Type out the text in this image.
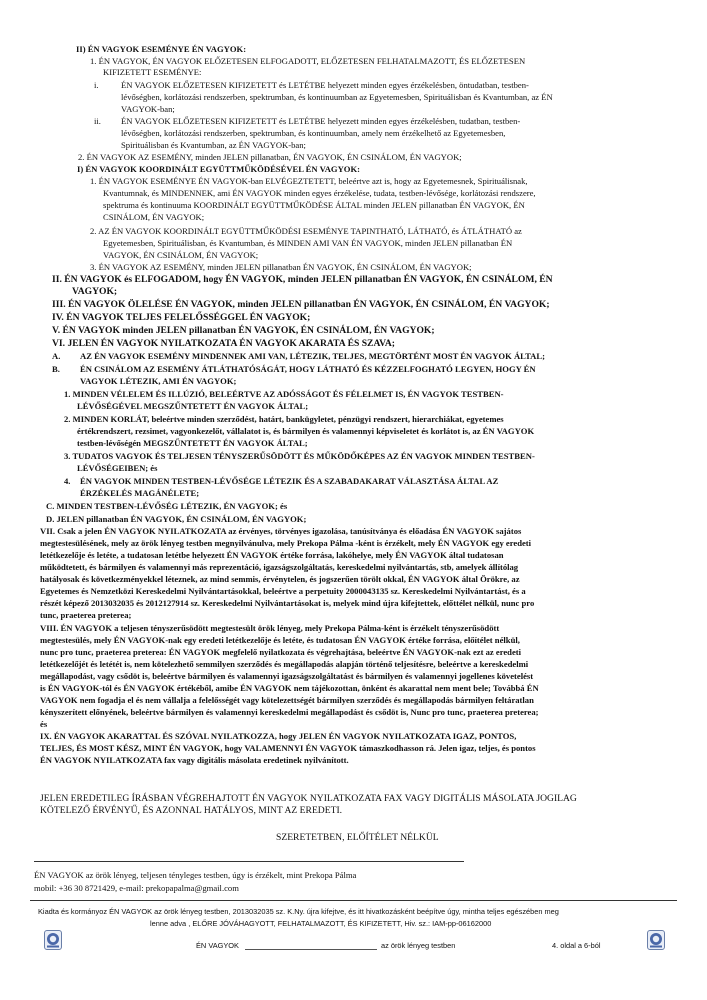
II) ÉN VAGYOK ESEMÉNYE ÉN VAGYOK:
1. ÉN VAGYOK, ÉN VAGYOK ELŐZETESEN ELFOGADOTT, ELŐZETESEN FELHATALMAZOTT, ÉS ELŐZETESEN
KIFIZETETT ESEMÉNYE:
i.	ÉN VAGYOK ELŐZETESEN KIFIZETETT és LETÉTBE helyezett minden egyes érzékelésben, öntudatban, testben-
lévőségben, korlátozási rendszerben, spektrumban, és kontinuumban az Egyetemesben, Spirituálisban és Kvantumban, az ÉN
VAGYOK-ban;
ii. ÉN VAGYOK ELŐZETESEN KIFIZETETT és LETÉTBE helyezett minden egyes érzékelésben, tudatban, testben-
lévőségben, korlátozási rendszerben, spektrumban, és kontinuumban, amely nem érzékelhető az Egyetemesben,
Spirituálisban és Kvantumban, az ÉN VAGYOK-ban;
2. ÉN VAGYOK AZ ESEMÉNY, minden JELEN pillanatban, ÉN VAGYOK, ÉN CSINÁLOM, ÉN VAGYOK;
I) ÉN VAGYOK KOORDINÁLT EGYÜTTMŰKÖDÉSÉVEL ÉN VAGYOK:
1. ÉN VAGYOK ESEMÉNYE ÉN VAGYOK-ban ELVÉGEZTETETT, beleértve azt is, hogy az Egyetemesnek, Spirituálisnak,
Kvantumnak, és MINDENNEK, ami ÉN VAGYOK minden egyes érzékelése, tudata, testben-lévősége, korlátozási rendszere,
spektruma és kontinuuma KOORDINÁLT EGYÜTTMŰKÖDÉSE ÁLTAL minden JELEN pillanatban ÉN VAGYOK, ÉN
CSINÁLOM, ÉN VAGYOK;
2. AZ ÉN VAGYOK KOORDINÁLT EGYÜTTMŰKÖDÉSI ESEMÉNYE TAPINTHATÓ, LÁTHATÓ, és ÁTLÁTHATÓ az
Egyetemesben, Spirituálisban, és Kvantumban, és MINDEN AMI VAN ÉN VAGYOK, minden JELEN pillanatban ÉN
VAGYOK, ÉN CSINÁLOM, ÉN VAGYOK;
3. ÉN VAGYOK AZ ESEMÉNY, minden JELEN pillanatban ÉN VAGYOK, ÉN CSINÁLOM, ÉN VAGYOK;
II. ÉN VAGYOK és ELFOGADOM, hogy ÉN VAGYOK, minden JELEN pillanatban ÉN VAGYOK, ÉN CSINÁLOM, ÉN
VAGYOK;
III. ÉN VAGYOK ÖLELÉSE ÉN VAGYOK, minden JELEN pillanatban ÉN VAGYOK, ÉN CSINÁLOM, ÉN VAGYOK;
IV. ÉN VAGYOK TELJES FELELŐSSÉGGEL ÉN VAGYOK;
V. ÉN VAGYOK minden JELEN pillanatban ÉN VAGYOK, ÉN CSINÁLOM, ÉN VAGYOK;
VI. JELEN ÉN VAGYOK NYILATKOZATA ÉN VAGYOK AKARATA ÉS SZAVA;
A. AZ ÉN VAGYOK ESEMÉNY MINDENNEK AMI VAN, LÉTEZIK, TELJES, MEGTÖRTÉNT MOST ÉN VAGYOK ÁLTAL;
B. ÉN CSINÁLOM AZ ESEMÉNY ÁTLÁTHATÓSÁGÁT, HOGY LÁTHATÓ ÉS KÉZZELFOGHATÓ LEGYEN, HOGY ÉN
VAGYOK LÉTEZIK, AMI ÉN VAGYOK;
1. MINDEN VÉLELEM ÉS ILLÚZIÓ, BELEÉRTVE AZ ADÓSSÁGOT ÉS FÉLELMET IS, ÉN VAGYOK TESTBEN-
LÉVŐSÉGÉVEL MEGSZŰNTETETT ÉN VAGYOK ÁLTAL;
2. MINDEN KORLÁT, beleértve minden szerződést, határt, bankügyletet, pénzügyi rendszert, hierarchiákat, egyetemes
értékrendszert, rezsimet, vagyonkezelőt, vállalatot is, és bármilyen és valamennyi képviseletet és korlátot is, az ÉN VAGYOK
testben-lévőségén MEGSZŰNTETETT ÉN VAGYOK ÁLTAL;
3. TUDATOS VAGYOK ÉS TELJESEN TÉNYSZERŰSÖDÖTT ÉS MŰKÖDŐKÉPES AZ ÉN VAGYOK MINDEN TESTBEN-
LÉVŐSÉGEIBEN; és
4. ÉN VAGYOK MINDEN TESTBEN-LÉVŐSÉGE LÉTEZIK ÉS A SZABADAKARAT VÁLASZTÁSA ÁLTAL AZ
ÉRZÉKELÉS MAGÁNÉLETE;
C. MINDEN TESTBEN-LÉVŐSÉG LÉTEZIK, ÉN VAGYOK; és
D. JELEN pillanatban ÉN VAGYOK, ÉN CSINÁLOM, ÉN VAGYOK;
VII. Csak a jelen ÉN VAGYOK NYILATKOZATA az érvényes, törvényes igazolása, tanúsítványa és előadása ÉN VAGYOK sajátos
megtestesülésének, mely az örök lényeg testben megnyilvánulva, mely Prekopa Pálma -ként is érzékelt, mely ÉN VAGYOK egy eredeti
letétkezelője és letéte, a tudatosan letétbe helyezett ÉN VAGYOK értéke forrása, lakóhelye, mely ÉN VAGYOK által tudatosan
működtetett, és bármilyen és valamennyi más reprezentáció, igazságszolgáltatás, kereskedelmi nyilvántartás, stb, amelyek állítólag
hatályosak és következményekkel léteznek, az mind semmis, érvénytelen, és jogszerűen törölt okkal, ÉN VAGYOK által Örökre, az
Egyetemes és Nemzetközi Kereskedelmi Nyilvántartásokkal, beleértve a perpetuity 2000043135 sz. Kereskedelmi Nyilvántartást, és a
részét képező 2013032035 és 2012127914 sz. Kereskedelmi Nyilvántartásokat is, melyek mind újra kifejtettek, előttélet nélkül, nunc pro
tunc, praeterea preterea;
VIII. ÉN VAGYOK a teljesen tényszerűsödött megtestesült örök lényeg, mely Prekopa Pálma-ként is érzékelt tényszerűsödött
megtestesülés, mely ÉN VAGYOK-nak egy eredeti letétkezelője és letéte, és tudatosan ÉN VAGYOK értéke forrása, előítélet nélkül,
nunc pro tunc, praeterea preterea: ÉN VAGYOK megfelelő nyilatkozata és végrehajtása, beleértve ÉN VAGYOK-nak ezt az eredeti
letétkezelőjét és letétét is, nem kötelezhető semmilyen szerződés és megállapodás alapján történő teljesítésre, beleértve a kereskedelmi
megállapodást, vagy csődöt is, beleértve bármilyen és valamennyi igazságszolgáltatást és bármilyen és valamennyi jogellenes követelést
is ÉN VAGYOK-tól és ÉN VAGYOK értékéből, amibe ÉN VAGYOK nem tájékozottan, önként és akarattal nem ment bele; Továbbá ÉN
VAGYOK nem fogadja el és nem vállalja a felelősségét vagy kötelezettségét bármilyen szerződés és megállapodás bármilyen feltáratlan
kényszerített előnyének, beleértve bármilyen és valamennyi kereskedelmi megállapodást és csődöt is, Nunc pro tunc, praeterea preterea;
és
IX. ÉN VAGYOK AKARATTAL ÉS SZÓVAL NYILATKOZZA, hogy JELEN ÉN VAGYOK NYILATKOZATA IGAZ, PONTOS,
TELJES, ÉS MOST KÉSZ, MINT ÉN VAGYOK, hogy VALAMENNYI ÉN VAGYOK támaszkodhasson rá. Jelen igaz, teljes, és pontos
ÉN VAGYOK NYILATKOZATA fax vagy digitális másolata eredetinek nyilvánított.
JELEN EREDETILEG ÍRÁSBAN VÉGREHAJTOTT ÉN VAGYOK NYILATKOZATA FAX VAGY DIGITÁLIS MÁSOLATA JOGILAG
KÖTELEZŐ ÉRVÉNYŰ, ÉS AZONNAL HATÁLYOS, MINT AZ EREDETI.
SZERETETBEN, ELŐÍTÉLET NÉLKÜL
ÉN VAGYOK az örök lényeg, teljesen tényleges testben, úgy is érzékelt, mint Prekopa Pálma
mobil: +36 30 8721429, e-mail: prekopapalma@gmail.com
Kiadta és kormányoz ÉN VAGYOK az örök lényeg testben, 2013032035 sz. K.Ny. újra kifejtve, és itt hivatkozásként beépítve úgy, mintha teljes egészében meg
lenne adva , ELŐRE JÓVÁHAGYOTT, FELHATALMAZOTT, ÉS KIFIZETETT, Hiv. sz.: IAM-pp-06162000
ÉN VAGYOK	az örök lényeg testben	4. oldal a 6-ból
